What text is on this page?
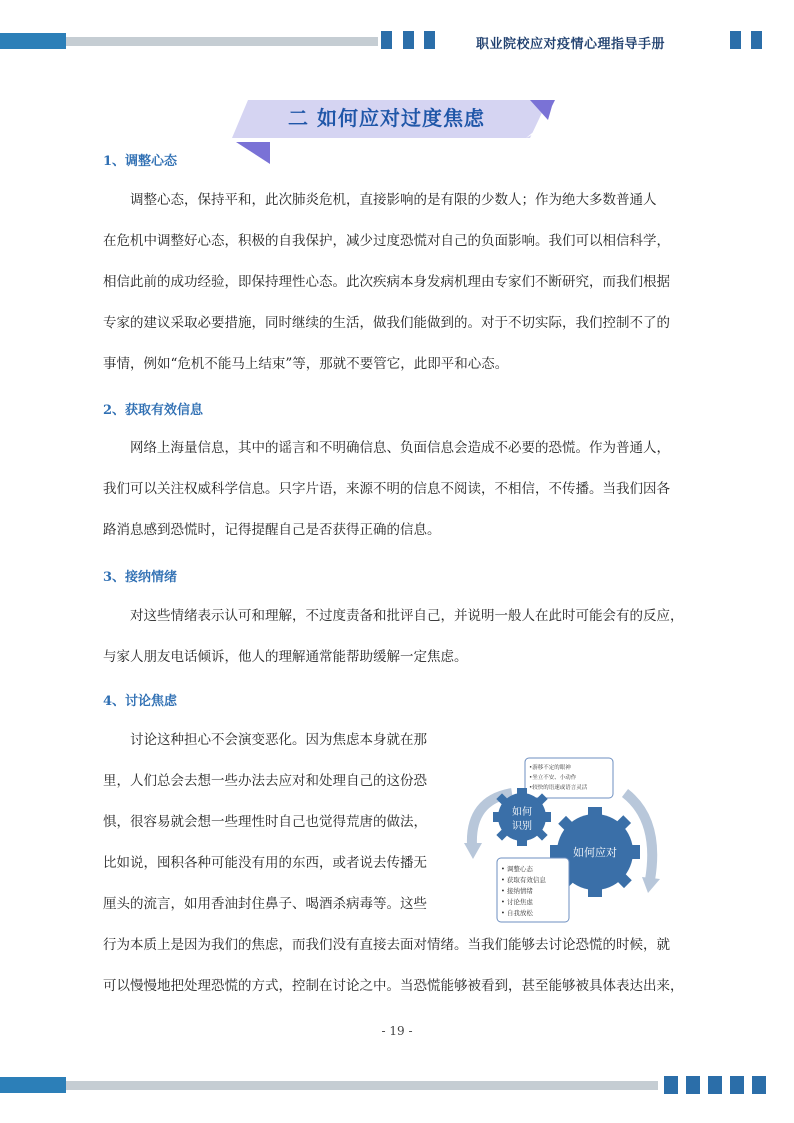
职业院校应对疫情心理指导手册
二 如何应对过度焦虑
1、调整心态
调整心态，保持平和，此次肺炎危机，直接影响的是有限的少数人；作为绝大多数普通人
在危机中调整好心态，积极的自我保护，减少过度恐慌对自己的负面影响。我们可以相信科学，
相信此前的成功经验，即保持理性心态。此次疾病本身发病机理由专家们不断研究，而我们根据
专家的建议采取必要措施，同时继续的生活，做我们能做到的。对于不切实际，我们控制不了的
事情，例如“危机不能马上结束”等，那就不要管它，此即平和心态。
2、获取有效信息
网络上海量信息，其中的谣言和不明确信息、负面信息会造成不必要的恐慌。作为普通人，
我们可以关注权威科学信息。只字片语，来源不明的信息不阅读，不相信，不传播。当我们因各
路消息感到恐慌时，记得提醒自己是否获得正确的信息。
3、接纳情绪
对这些情绪表示认可和理解，不过度责备和批评自己，并说明一般人在此时可能会有的反应，
与家人朋友电话倾诉，他人的理解通常能帮助缓解一定焦虑。
4、讨论焦虑
讨论这种担心不会演变恶化。因为焦虑本身就在那
里，人们总会去想一些办法去应对和处理自己的这份恐
惧，很容易就会想一些理性时自己也觉得荒唐的做法，
比如说，囤积各种可能没有用的东西，或者说去传播无
厘头的流言，如用香油封住鼻子、喝酒杀病毒等。这些
行为本质上是因为我们的焦虑，而我们没有直接去面对情绪。当我们能够去讨论恐慌的时候，就
可以慢慢地把处理恐慌的方式，控制在讨论之中。当恐慌能够被看到，甚至能够被具体表达出来，
•游移不定的眼神
•坐立不安、小动作
•较快的语速或语言灵活
如何
识别
如何应对
• 调整心态
• 获取有效信息
• 接纳情绪
• 讨论焦虑
• 自我放松
- 19 -
